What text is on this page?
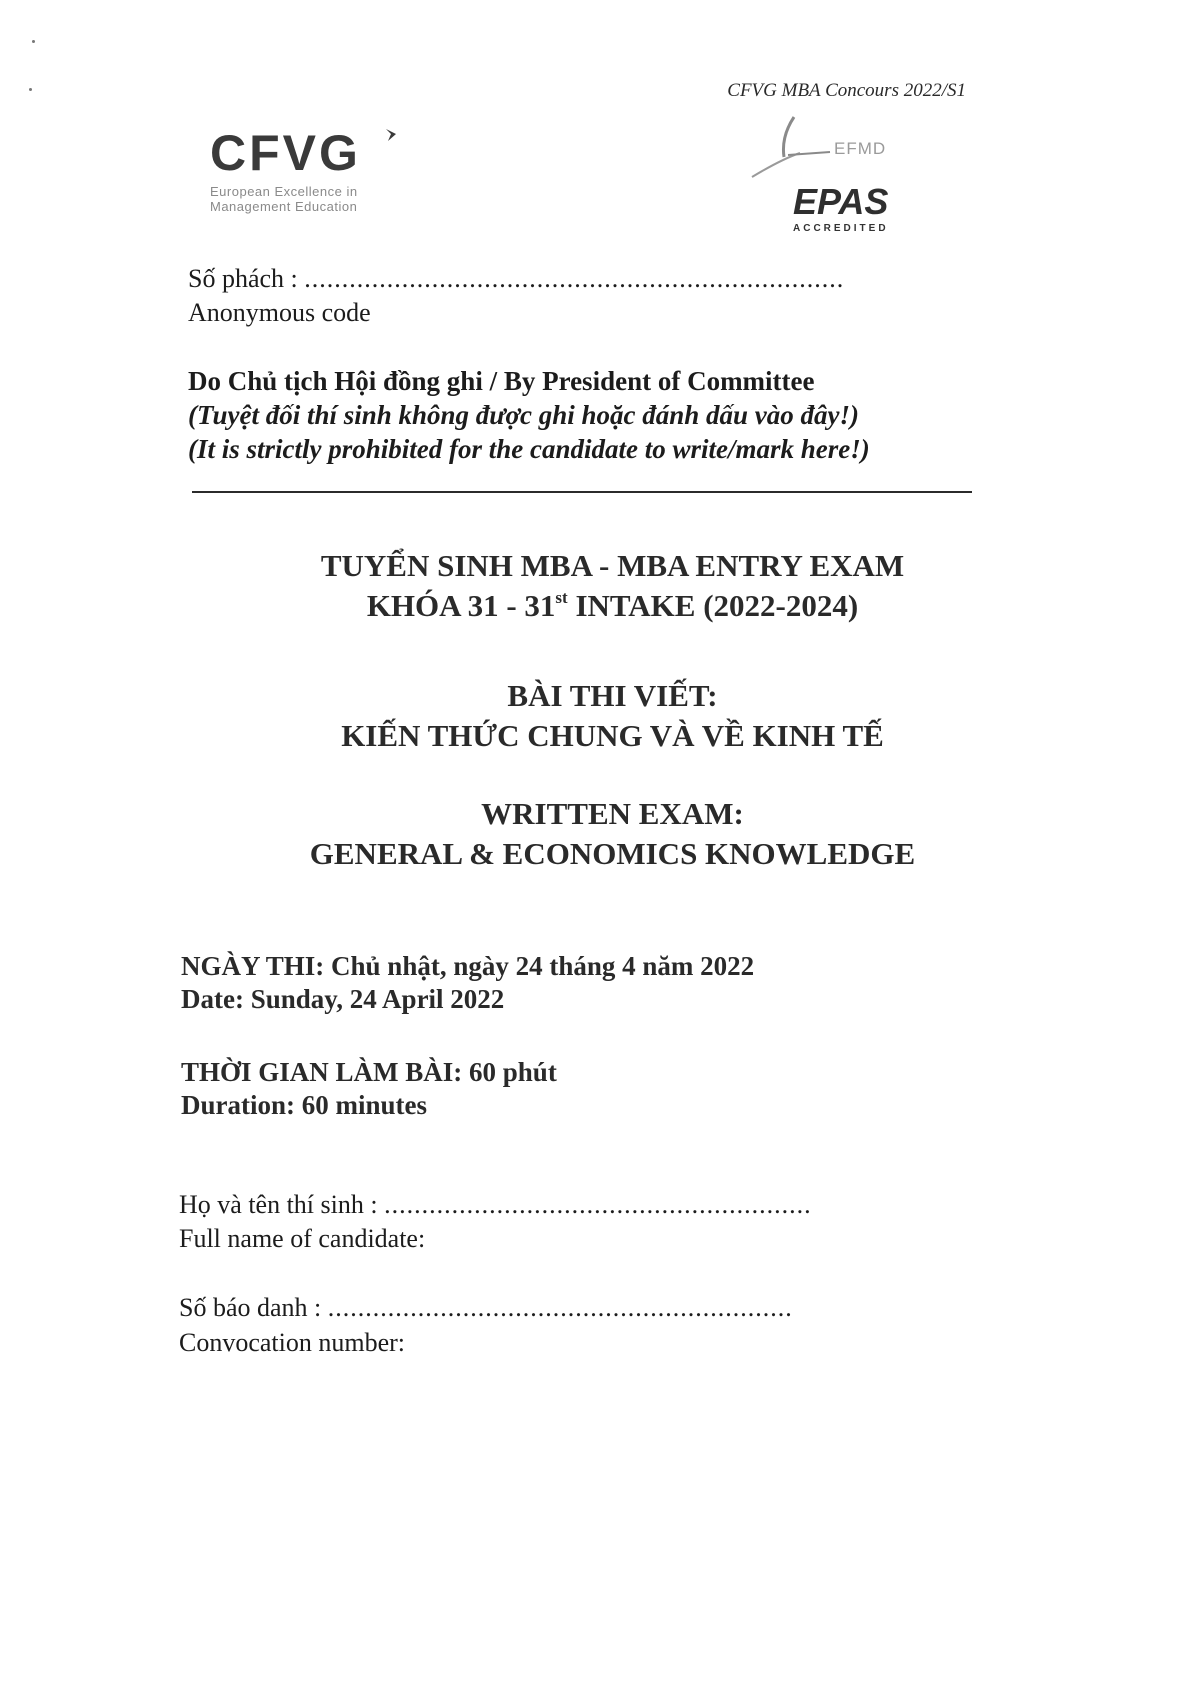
CFVG MBA Concours 2022/S1
CFVG
European Excellence in
Management Education
EFMD
EPAS
ACCREDITED
Số phách : ........................................................................
Anonymous code
Do Chủ tịch Hội đồng ghi / By President of Committee
(Tuyệt đối thí sinh không được ghi hoặc đánh dấu vào đây!)
(It is strictly prohibited for the candidate to write/mark here!)
TUYỂN SINH MBA - MBA ENTRY EXAM
KHÓA 31 - 31st INTAKE (2022-2024)
BÀI THI VIẾT:
KIẾN THỨC CHUNG VÀ VỀ KINH TẾ
WRITTEN EXAM:
GENERAL & ECONOMICS KNOWLEDGE
NGÀY THI: Chủ nhật, ngày 24 tháng 4 năm 2022
Date: Sunday, 24 April 2022
THỜI GIAN LÀM BÀI: 60 phút
Duration: 60 minutes
Họ và tên thí sinh : .........................................................
Full name of candidate:
Số báo danh : ..............................................................
Convocation number:
